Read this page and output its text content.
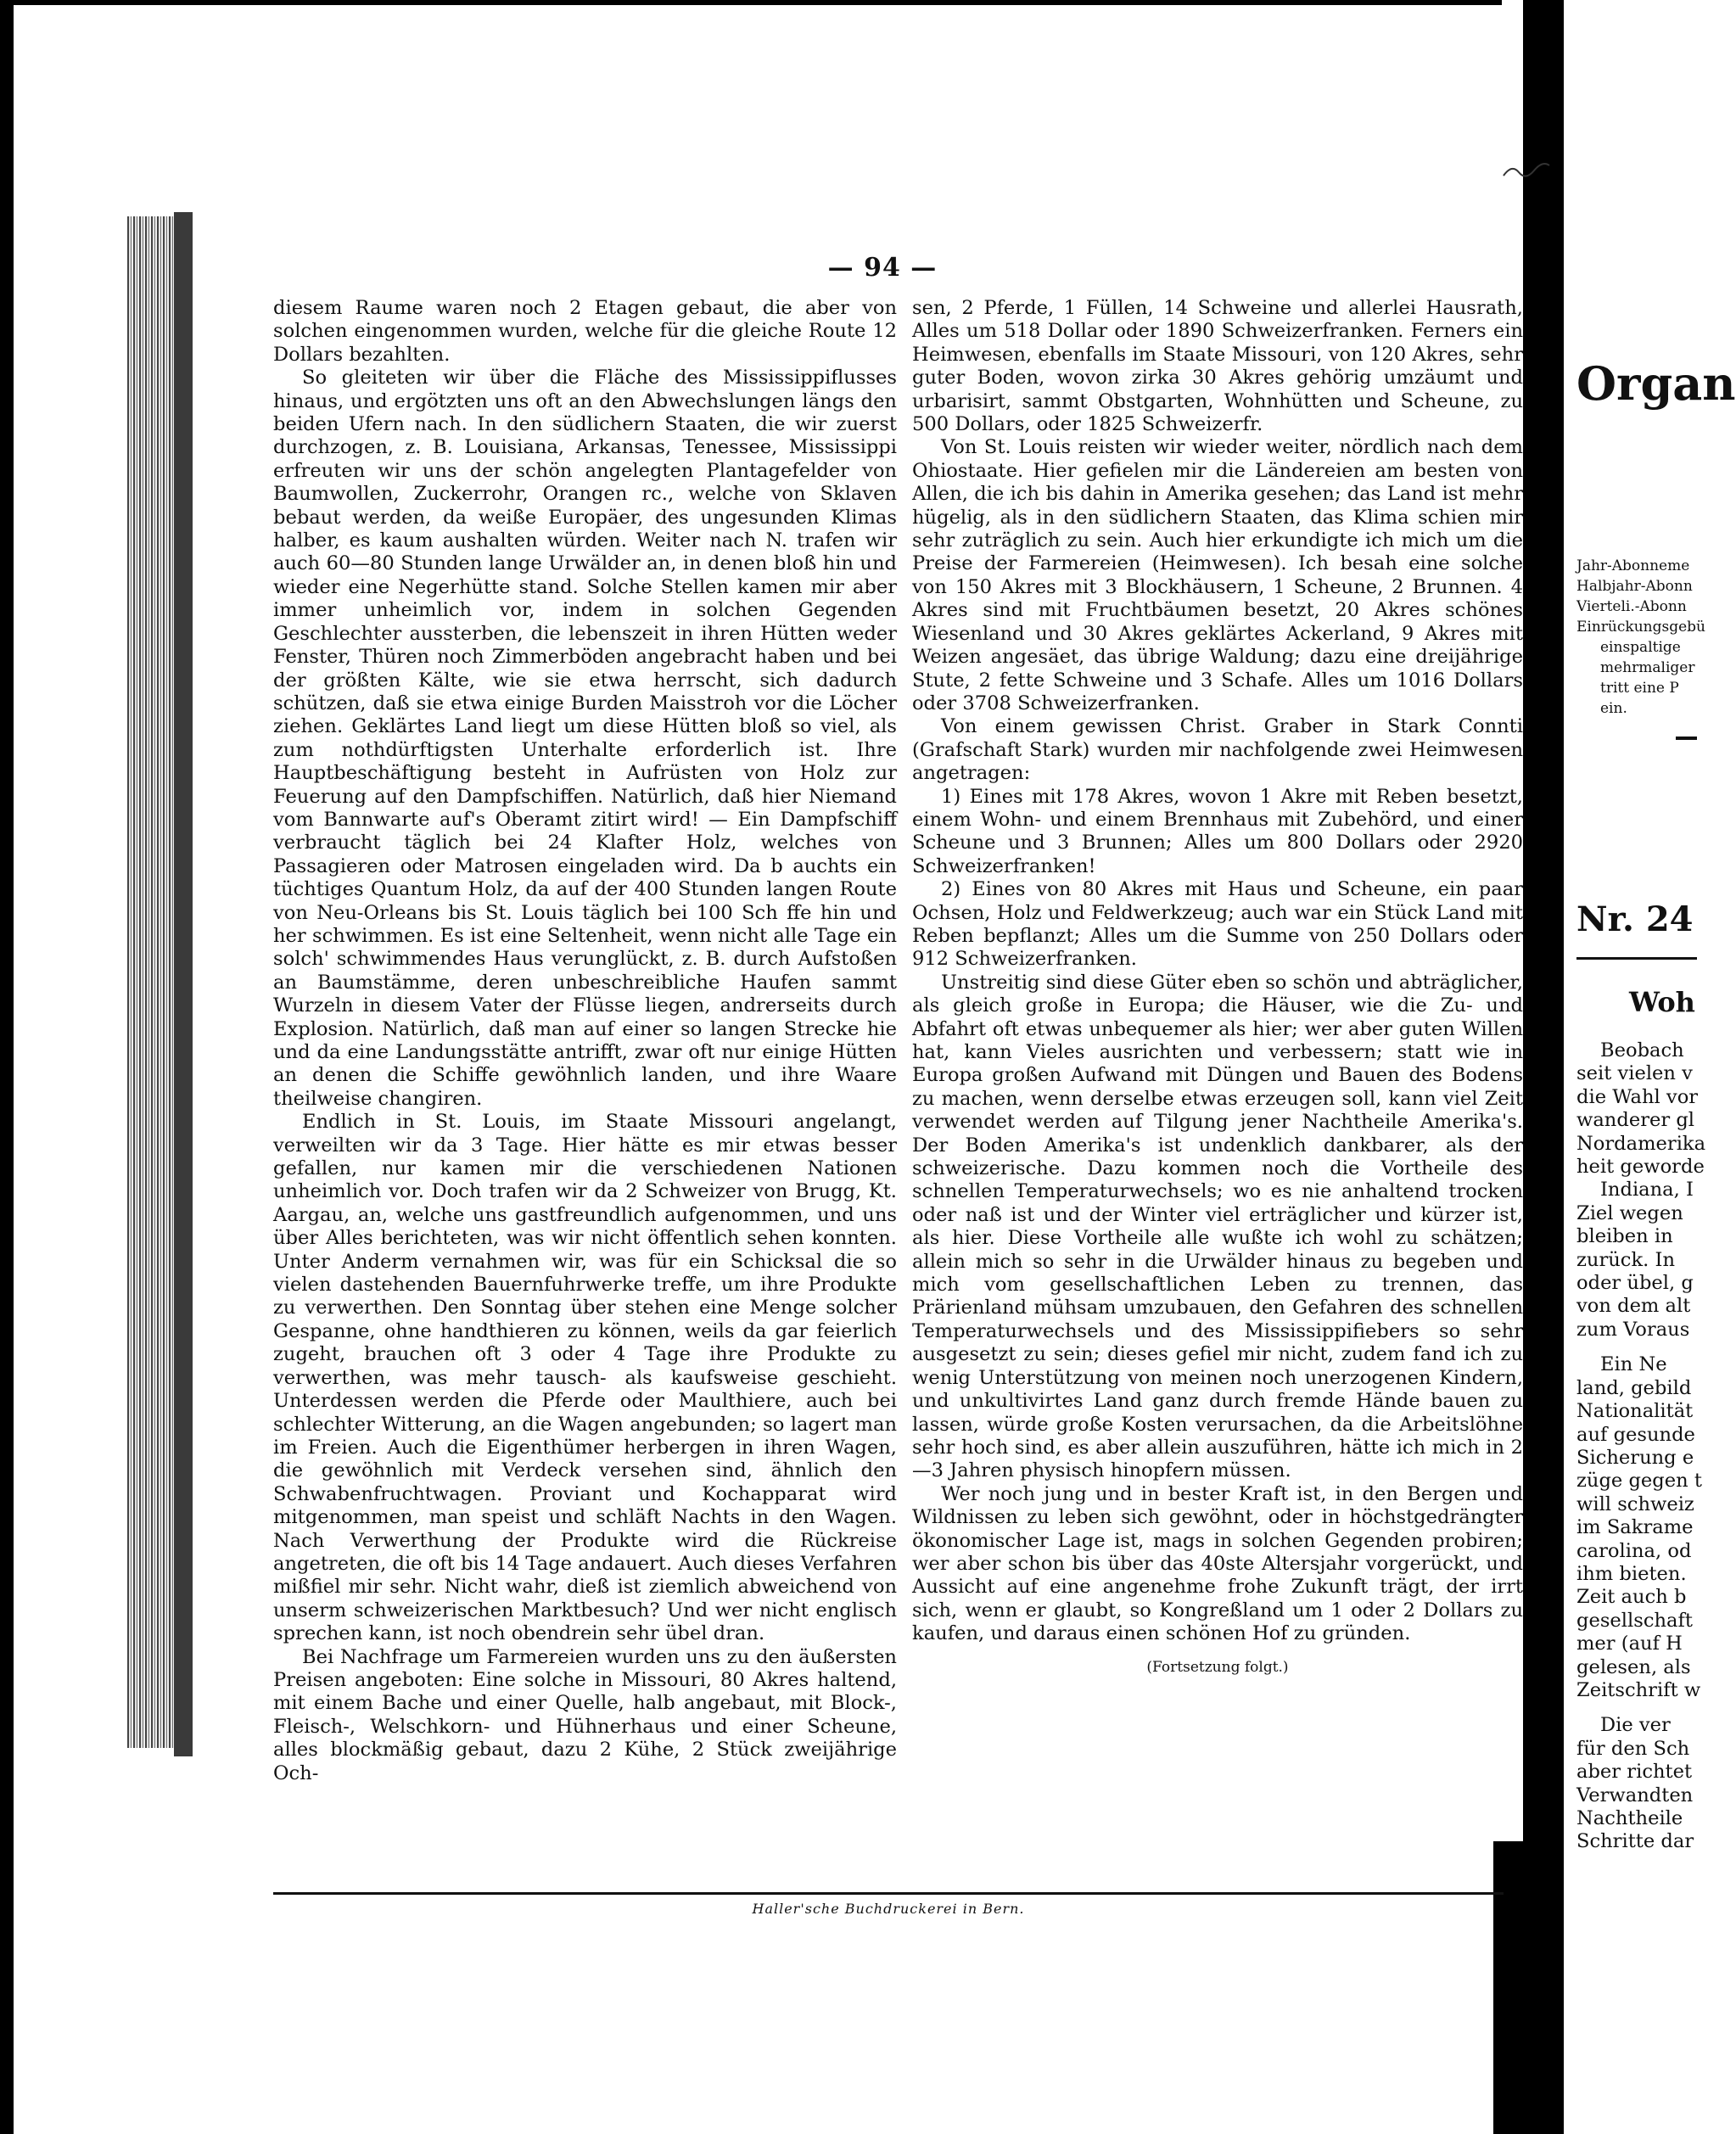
— 94 —

diesem Raume waren noch 2 Etagen gebaut, die aber von solchen eingenommen wurden, welche für die gleiche Route 12 Dollars bezahlten.

So gleiteten wir über die Fläche des Mississippiflusses hinaus, und ergötzten uns oft an den Abwechslungen längs den beiden Ufern nach. In den südlichern Staaten, die wir zuerst durchzogen, z. B. Louisiana, Arkansas, Tenessee, Mississippi erfreuten wir uns der schön angelegten Plantagefelder von Baumwollen, Zuckerrohr, Orangen rc., welche von Sklaven bebaut werden, da weiße Europäer, des ungesunden Klimas halber, es kaum aushalten würden. Weiter nach N. trafen wir auch 60—80 Stunden lange Urwälder an, in denen bloß hin und wieder eine Negerhütte stand. Solche Stellen kamen mir aber immer unheimlich vor, indem in solchen Gegenden Geschlechter aussterben, die lebenszeit in ihren Hütten weder Fenster, Thüren noch Zimmerböden angebracht haben und bei der größten Kälte, wie sie etwa herrscht, sich dadurch schützen, daß sie etwa einige Burden Maisstroh vor die Löcher ziehen. Geklärtes Land liegt um diese Hütten bloß so viel, als zum nothdürftigsten Unterhalte erforderlich ist. Ihre Hauptbeschäftigung besteht in Aufrüsten von Holz zur Feuerung auf den Dampfschiffen. Natürlich, daß hier Niemand vom Bannwarte auf's Oberamt zitirt wird! — Ein Dampfschiff verbraucht täglich bei 24 Klafter Holz, welches von Passagieren oder Matrosen eingeladen wird. Da b auchts ein tüchtiges Quantum Holz, da auf der 400 Stunden langen Route von Neu-Orleans bis St. Louis täglich bei 100 Sch ffe hin und her schwimmen. Es ist eine Seltenheit, wenn nicht alle Tage ein solch' schwimmendes Haus verunglückt, z. B. durch Aufstoßen an Baumstämme, deren unbeschreibliche Haufen sammt Wurzeln in diesem Vater der Flüsse liegen, andrerseits durch Explosion. Natürlich, daß man auf einer so langen Strecke hie und da eine Landungsstätte antrifft, zwar oft nur einige Hütten an denen die Schiffe gewöhnlich landen, und ihre Waare theilweise changiren.

Endlich in St. Louis, im Staate Missouri angelangt, verweilten wir da 3 Tage. Hier hätte es mir etwas besser gefallen, nur kamen mir die verschiedenen Nationen unheimlich vor. Doch trafen wir da 2 Schweizer von Brugg, Kt. Aargau, an, welche uns gastfreundlich aufgenommen, und uns über Alles berichteten, was wir nicht öffentlich sehen konnten. Unter Anderm vernahmen wir, was für ein Schicksal die so vielen dastehenden Bauernfuhrwerke treffe, um ihre Produkte zu verwerthen. Den Sonntag über stehen eine Menge solcher Gespanne, ohne handthieren zu können, weils da gar feierlich zugeht, brauchen oft 3 oder 4 Tage ihre Produkte zu verwerthen, was mehr tausch- als kaufsweise geschieht. Unterdessen werden die Pferde oder Maulthiere, auch bei schlechter Witterung, an die Wagen angebunden; so lagert man im Freien. Auch die Eigenthümer herbergen in ihren Wagen, die gewöhnlich mit Verdeck versehen sind, ähnlich den Schwabenfruchtwagen. Proviant und Kochapparat wird mitgenommen, man speist und schläft Nachts in den Wagen. Nach Verwerthung der Produkte wird die Rückreise angetreten, die oft bis 14 Tage andauert. Auch dieses Verfahren mißfiel mir sehr. Nicht wahr, dieß ist ziemlich abweichend von unserm schweizerischen Marktbesuch? Und wer nicht englisch sprechen kann, ist noch obendrein sehr übel dran.

Bei Nachfrage um Farmereien wurden uns zu den äußersten Preisen angeboten: Eine solche in Missouri, 80 Akres haltend, mit einem Bache und einer Quelle, halb angebaut, mit Block-, Fleisch-, Welschkorn- und Hühnerhaus und einer Scheune, alles blockmäßig gebaut, dazu 2 Kühe, 2 Stück zweijährige Och-

sen, 2 Pferde, 1 Füllen, 14 Schweine und allerlei Hausrath, Alles um 518 Dollar oder 1890 Schweizerfranken. Ferners ein Heimwesen, ebenfalls im Staate Missouri, von 120 Akres, sehr guter Boden, wovon zirka 30 Akres gehörig umzäumt und urbarisirt, sammt Obstgarten, Wohnhütten und Scheune, zu 500 Dollars, oder 1825 Schweizerfr.

Von St. Louis reisten wir wieder weiter, nördlich nach dem Ohiostaate. Hier gefielen mir die Ländereien am besten von Allen, die ich bis dahin in Amerika gesehen; das Land ist mehr hügelig, als in den südlichern Staaten, das Klima schien mir sehr zuträglich zu sein. Auch hier erkundigte ich mich um die Preise der Farmereien (Heimwesen). Ich besah eine solche von 150 Akres mit 3 Blockhäusern, 1 Scheune, 2 Brunnen. 4 Akres sind mit Fruchtbäumen besetzt, 20 Akres schönes Wiesenland und 30 Akres geklärtes Ackerland, 9 Akres mit Weizen angesäet, das übrige Waldung; dazu eine dreijährige Stute, 2 fette Schweine und 3 Schafe. Alles um 1016 Dollars oder 3708 Schweizerfranken.

Von einem gewissen Christ. Graber in Stark Connti (Grafschaft Stark) wurden mir nachfolgende zwei Heimwesen angetragen:

1) Eines mit 178 Akres, wovon 1 Akre mit Reben besetzt, einem Wohn- und einem Brennhaus mit Zubehörd, und einer Scheune und 3 Brunnen; Alles um 800 Dollars oder 2920 Schweizerfranken!

2) Eines von 80 Akres mit Haus und Scheune, ein paar Ochsen, Holz und Feldwerkzeug; auch war ein Stück Land mit Reben bepflanzt; Alles um die Summe von 250 Dollars oder 912 Schweizerfranken.

Unstreitig sind diese Güter eben so schön und abträglicher, als gleich große in Europa; die Häuser, wie die Zu- und Abfahrt oft etwas unbequemer als hier; wer aber guten Willen hat, kann Vieles ausrichten und verbessern; statt wie in Europa großen Aufwand mit Düngen und Bauen des Bodens zu machen, wenn derselbe etwas erzeugen soll, kann viel Zeit verwendet werden auf Tilgung jener Nachtheile Amerika's. Der Boden Amerika's ist undenklich dankbarer, als der schweizerische. Dazu kommen noch die Vortheile des schnellen Temperaturwechsels; wo es nie anhaltend trocken oder naß ist und der Winter viel erträglicher und kürzer ist, als hier. Diese Vortheile alle wußte ich wohl zu schätzen; allein mich so sehr in die Urwälder hinaus zu begeben und mich vom gesellschaftlichen Leben zu trennen, das Prärienland mühsam umzubauen, den Gefahren des schnellen Temperaturwechsels und des Mississippifiebers so sehr ausgesetzt zu sein; dieses gefiel mir nicht, zudem fand ich zu wenig Unterstützung von meinen noch unerzogenen Kindern, und unkultivirtes Land ganz durch fremde Hände bauen zu lassen, würde große Kosten verursachen, da die Arbeitslöhne sehr hoch sind, es aber allein auszuführen, hätte ich mich in 2—3 Jahren physisch hinopfern müssen.

Wer noch jung und in bester Kraft ist, in den Bergen und Wildnissen zu leben sich gewöhnt, oder in höchstgedrängter ökonomischer Lage ist, mags in solchen Gegenden probiren; wer aber schon bis über das 40ste Altersjahr vorgerückt, und Aussicht auf eine angenehme frohe Zukunft trägt, der irrt sich, wenn er glaubt, so Kongreßland um 1 oder 2 Dollars zu kaufen, und daraus einen schönen Hof zu gründen.

(Fortsetzung folgt.)

Haller'sche Buchdruckerei in Bern.
Organ
Jahr-Abonneme
Halbjahr-Abonn
Vierteli.-Abonn
Einrückungsgebü
einspaltige
mehrmaliger
tritt eine P
ein.
Nr. 24
Woh
Beobach
seit vielen v
die Wahl vor
wanderer gl
Nordamerika
heit geworde
Indiana, I
Ziel wegen
bleiben in
zurück. In
oder übel, g
von dem alt
zum Voraus
Ein Ne
land, gebild
Nationalität
auf gesunde
Sicherung e
züge gegen t
will schweiz
im Sakrame
carolina, od
ihm bieten.
Zeit auch b
gesellschaft
mer (auf H
gelesen, als
Zeitschrift w
Die ver
für den Sch
aber richtet
Verwandten
Nachtheile
Schritte dar
